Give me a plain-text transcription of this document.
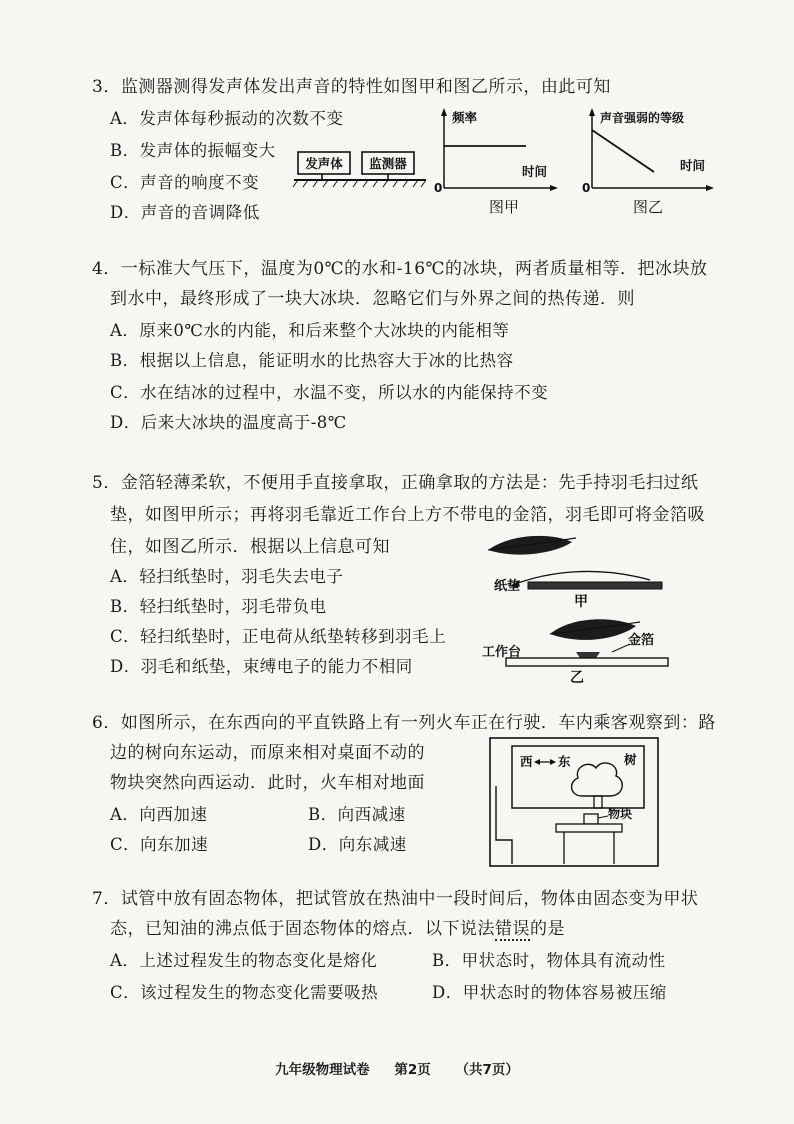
3．监测器测得发声体发出声音的特性如图甲和图乙所示，由此可知
A．发声体每秒振动的次数不变
B．发声体的振幅变大
C．声音的响度不变
D．声音的音调降低
发声体 监测器
频率
时间
0
图甲
声音强弱的等级
时间
0
图乙
4．一标准大气压下，温度为0℃的水和-16℃的冰块，两者质量相等．把冰块放
到水中，最终形成了一块大冰块．忽略它们与外界之间的热传递．则
A．原来0℃水的内能，和后来整个大冰块的内能相等
B．根据以上信息，能证明水的比热容大于冰的比热容
C．水在结冰的过程中，水温不变，所以水的内能保持不变
D．后来大冰块的温度高于-8℃
5．金箔轻薄柔软，不便用手直接拿取，正确拿取的方法是：先手持羽毛扫过纸
垫，如图甲所示；再将羽毛靠近工作台上方不带电的金箔，羽毛即可将金箔吸
住，如图乙所示．根据以上信息可知
A．轻扫纸垫时，羽毛失去电子
B．轻扫纸垫时，羽毛带负电
C．轻扫纸垫时，正电荷从纸垫转移到羽毛上
D．羽毛和纸垫，束缚电子的能力不相同
纸垫
甲
工作台
金箔
乙
6．如图所示，在东西向的平直铁路上有一列火车正在行驶．车内乘客观察到：路
边的树向东运动，而原来相对桌面不动的
物块突然向西运动．此时，火车相对地面
A．向西加速	B．向西减速
C．向东加速	D．向东减速
西 东	树
物块
7．试管中放有固态物体，把试管放在热油中一段时间后，物体由固态变为甲状
态，已知油的沸点低于固态物体的熔点．以下说法错误的是
A．上述过程发生的物态变化是熔化	B．甲状态时，物体具有流动性
C．该过程发生的物态变化需要吸热	D．甲状态时的物体容易被压缩
九年级物理试卷 第2页 （共7页）
